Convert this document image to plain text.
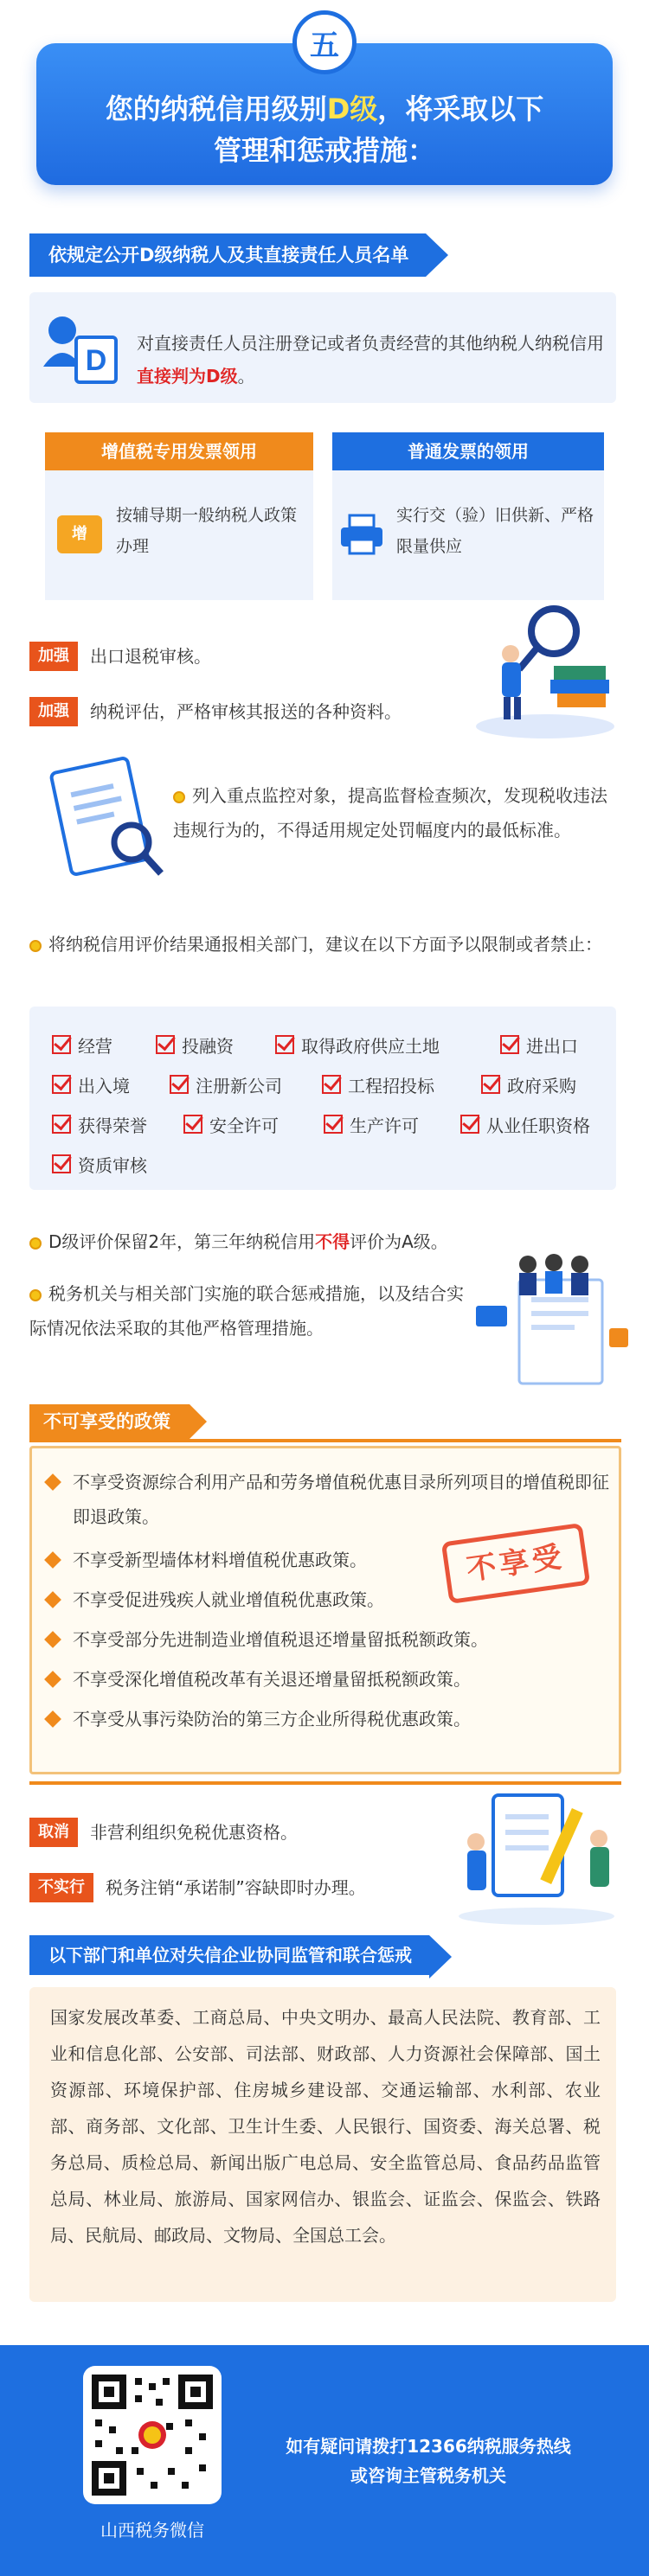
您的纳税信用级别D级，将采取以下
管理和惩戒措施：
五
依规定公开D级纳税人及其直接责任人员名单
D
对直接责任人员注册登记或者负责经营的其他纳税人纳税信用直接判为D级。
增值税专用发票领用
增
按辅导期一般纳税人政策办理
普通发票的领用
实行交（验）旧供新、严格限量供应
加强	出口退税审核。
加强	纳税评估，严格审核其报送的各种资料。
列入重点监控对象，提高监督检查频次，发现税收违法违规行为的，不得适用规定处罚幅度内的最低标准。
将纳税信用评价结果通报相关部门，建议在以下方面予以限制或者禁止：
经营	投融资	取得政府供应土地	进出口
出入境	注册新公司	工程招投标	政府采购
获得荣誉	安全许可	生产许可	从业任职资格
资质审核
D级评价保留2年，第三年纳税信用不得评价为A级。
税务机关与相关部门实施的联合惩戒措施，以及结合实际情况依法采取的其他严格管理措施。
不可享受的政策
不享受资源综合利用产品和劳务增值税优惠目录所列项目的增值税即征即退政策。
不享受新型墙体材料增值税优惠政策。
不享受促进残疾人就业增值税优惠政策。
不享受部分先进制造业增值税退还增量留抵税额政策。
不享受深化增值税改革有关退还增量留抵税额政策。
不享受从事污染防治的第三方企业所得税优惠政策。
不享受
取消	非营利组织免税优惠资格。
不实行	税务注销“承诺制”容缺即时办理。
以下部门和单位对失信企业协同监管和联合惩戒
国家发展改革委、工商总局、中央文明办、最高人民法院、教育部、工业和信息化部、公安部、司法部、财政部、人力资源社会保障部、国土资源部、环境保护部、住房城乡建设部、交通运输部、水利部、农业部、商务部、文化部、卫生计生委、人民银行、国资委、海关总署、税务总局、质检总局、新闻出版广电总局、安全监管总局、食品药品监管总局、林业局、旅游局、国家网信办、银监会、证监会、保监会、铁路局、民航局、邮政局、文物局、全国总工会。
山西税务微信
如有疑问请拨打12366纳税服务热线
或咨询主管税务机关
